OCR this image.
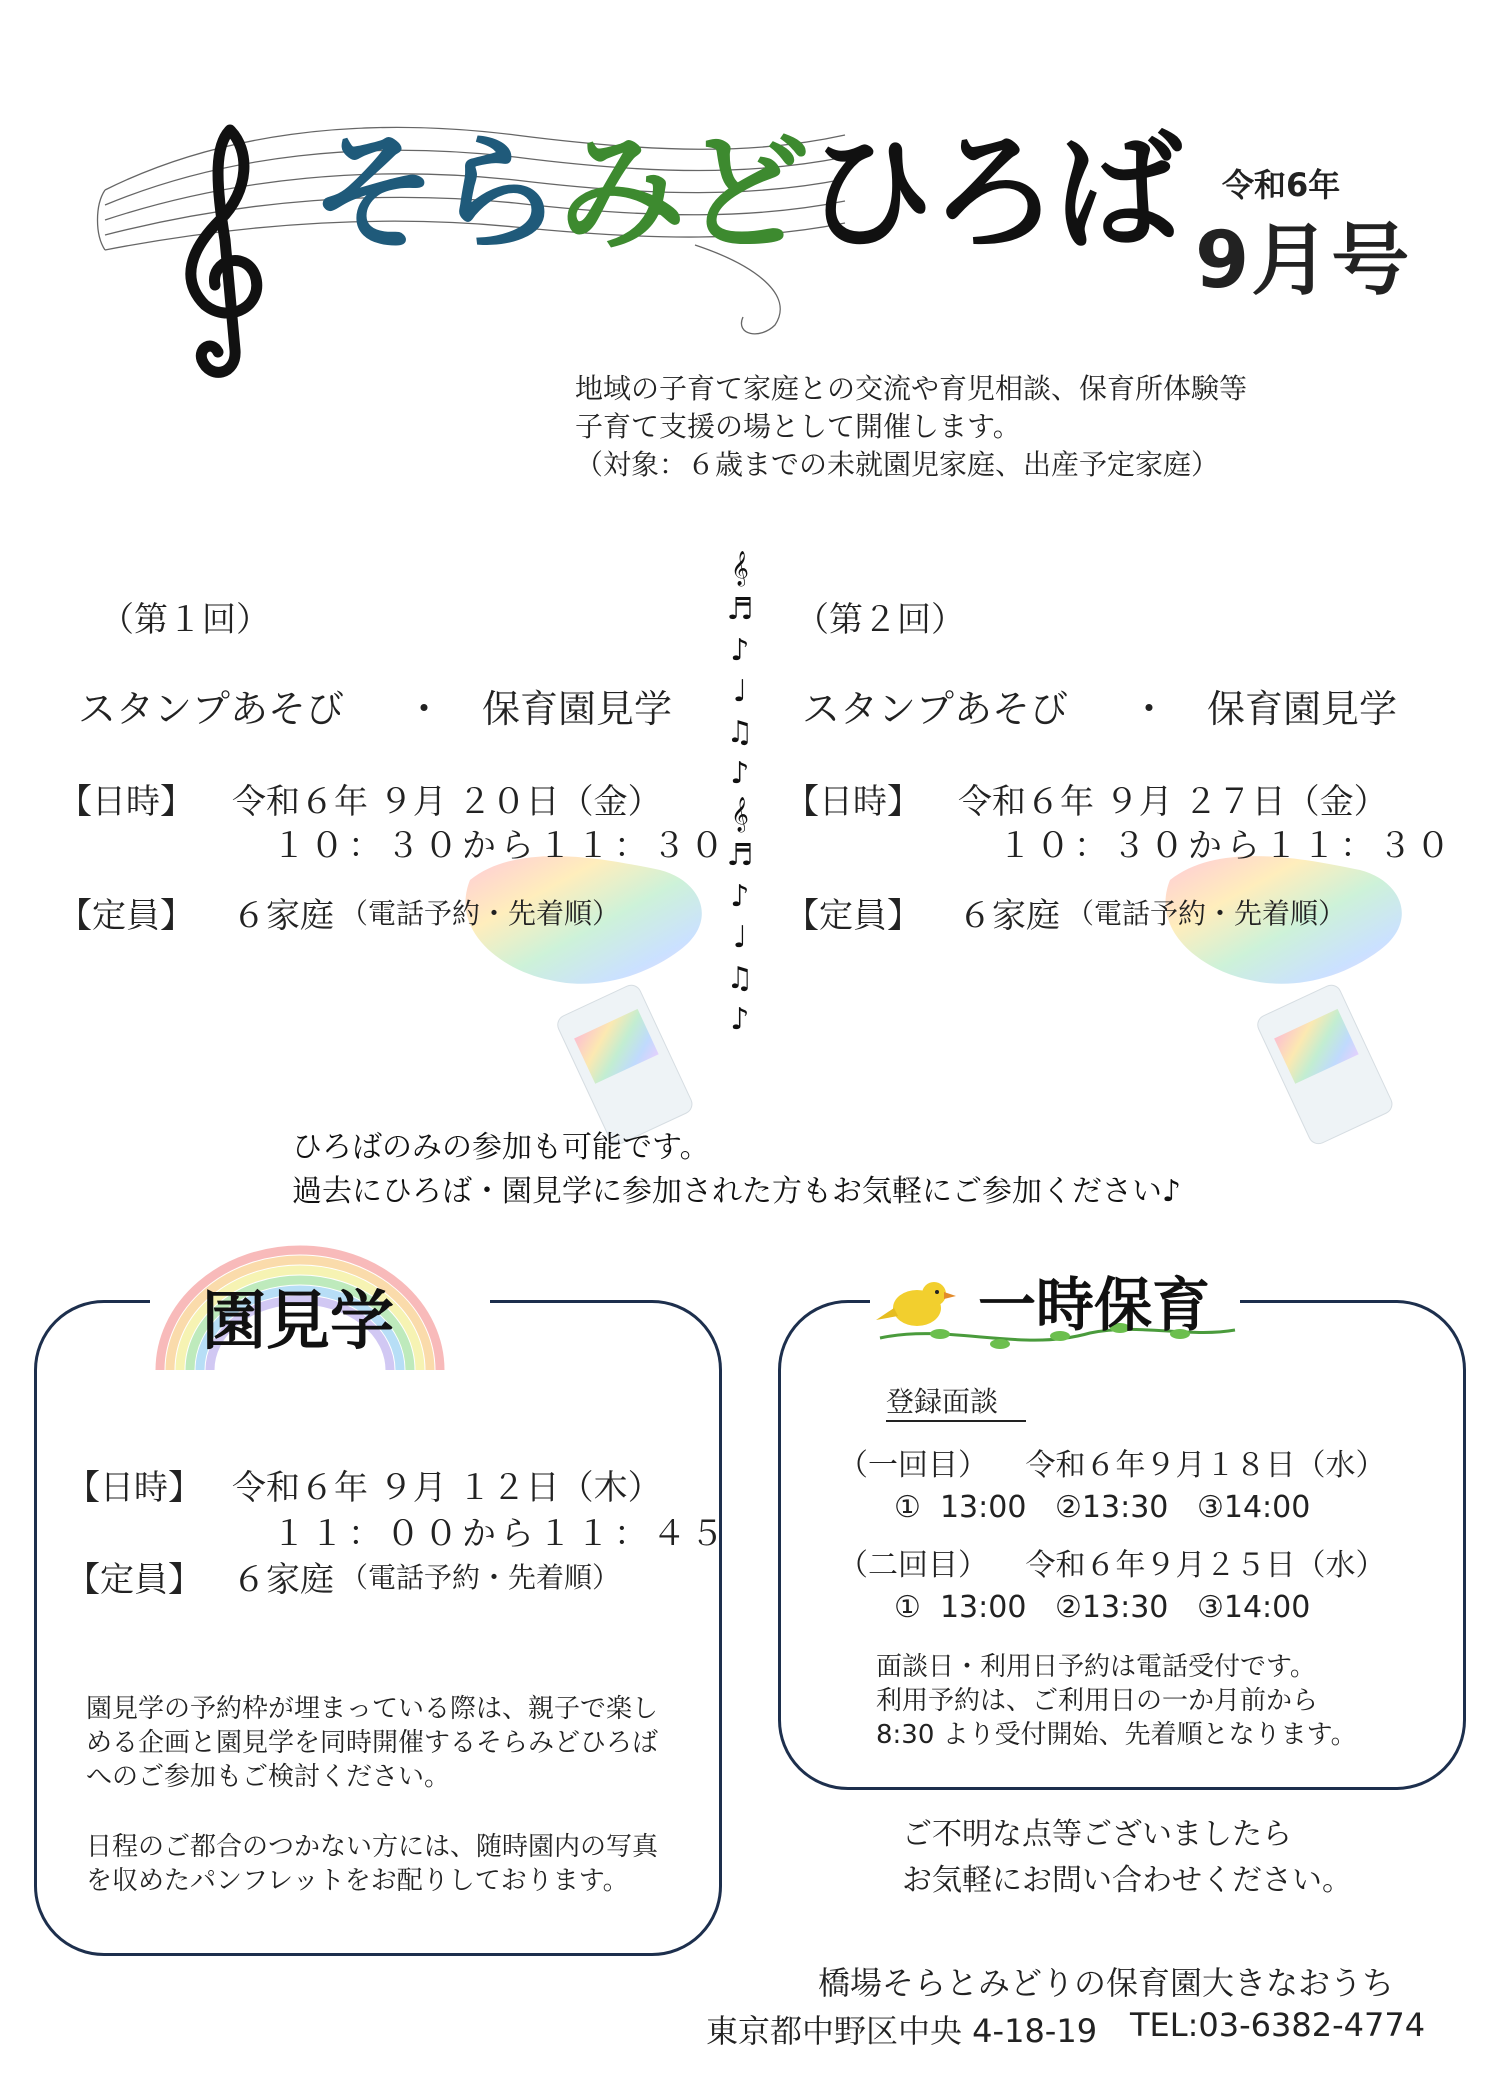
そらみどひろば 令和6年
9月号
地域の子育て家庭との交流や育児相談、保育所体験等
子育て支援の場として開催します。
（対象：６歳までの未就園児家庭、出産予定家庭）
𝄞
♬
♪
♩
♫
♪
𝄞
♬
♪
♩
♫
♪
（第１回）
スタンプあそび ・ 保育園見学
【日時】 令和６年 ９月 ２０日（金）
１０：３０から１１：３０
【定員】 ６家庭 （電話予約・先着順）
（第２回）
スタンプあそび ・ 保育園見学
【日時】 令和６年 ９月 ２７日（金）
１０：３０から１１：３０
【定員】 ６家庭 （電話予約・先着順）
ひろばのみの参加も可能です。
過去にひろば・園見学に参加された方もお気軽にご参加ください♪
園見学
【日時】 令和６年 ９月 １２日（木）
１１：００から１１：４５
【定員】 ６家庭 （電話予約・先着順）
園見学の予約枠が埋まっている際は、親子で楽し
める企画と園見学を同時開催するそらみどひろば
へのご参加もご検討ください。
日程のご都合のつかない方には、随時園内の写真
を収めたパンフレットをお配りしております。
一時保育
登録面談
（一回目） 令和６年９月１８日（水）
①  13:00   ②13:30   ③14:00
（二回目） 令和６年９月２５日（水）
①  13:00   ②13:30   ③14:00
面談日・利用日予約は電話受付です。
利用予約は、ご利用日の一か月前から
8:30 より受付開始、先着順となります。
ご不明な点等ございましたら
お気軽にお問い合わせください。
橋場そらとみどりの保育園大きなおうち
東京都中野区中央 4-18-19 TEL:03-6382-4774
